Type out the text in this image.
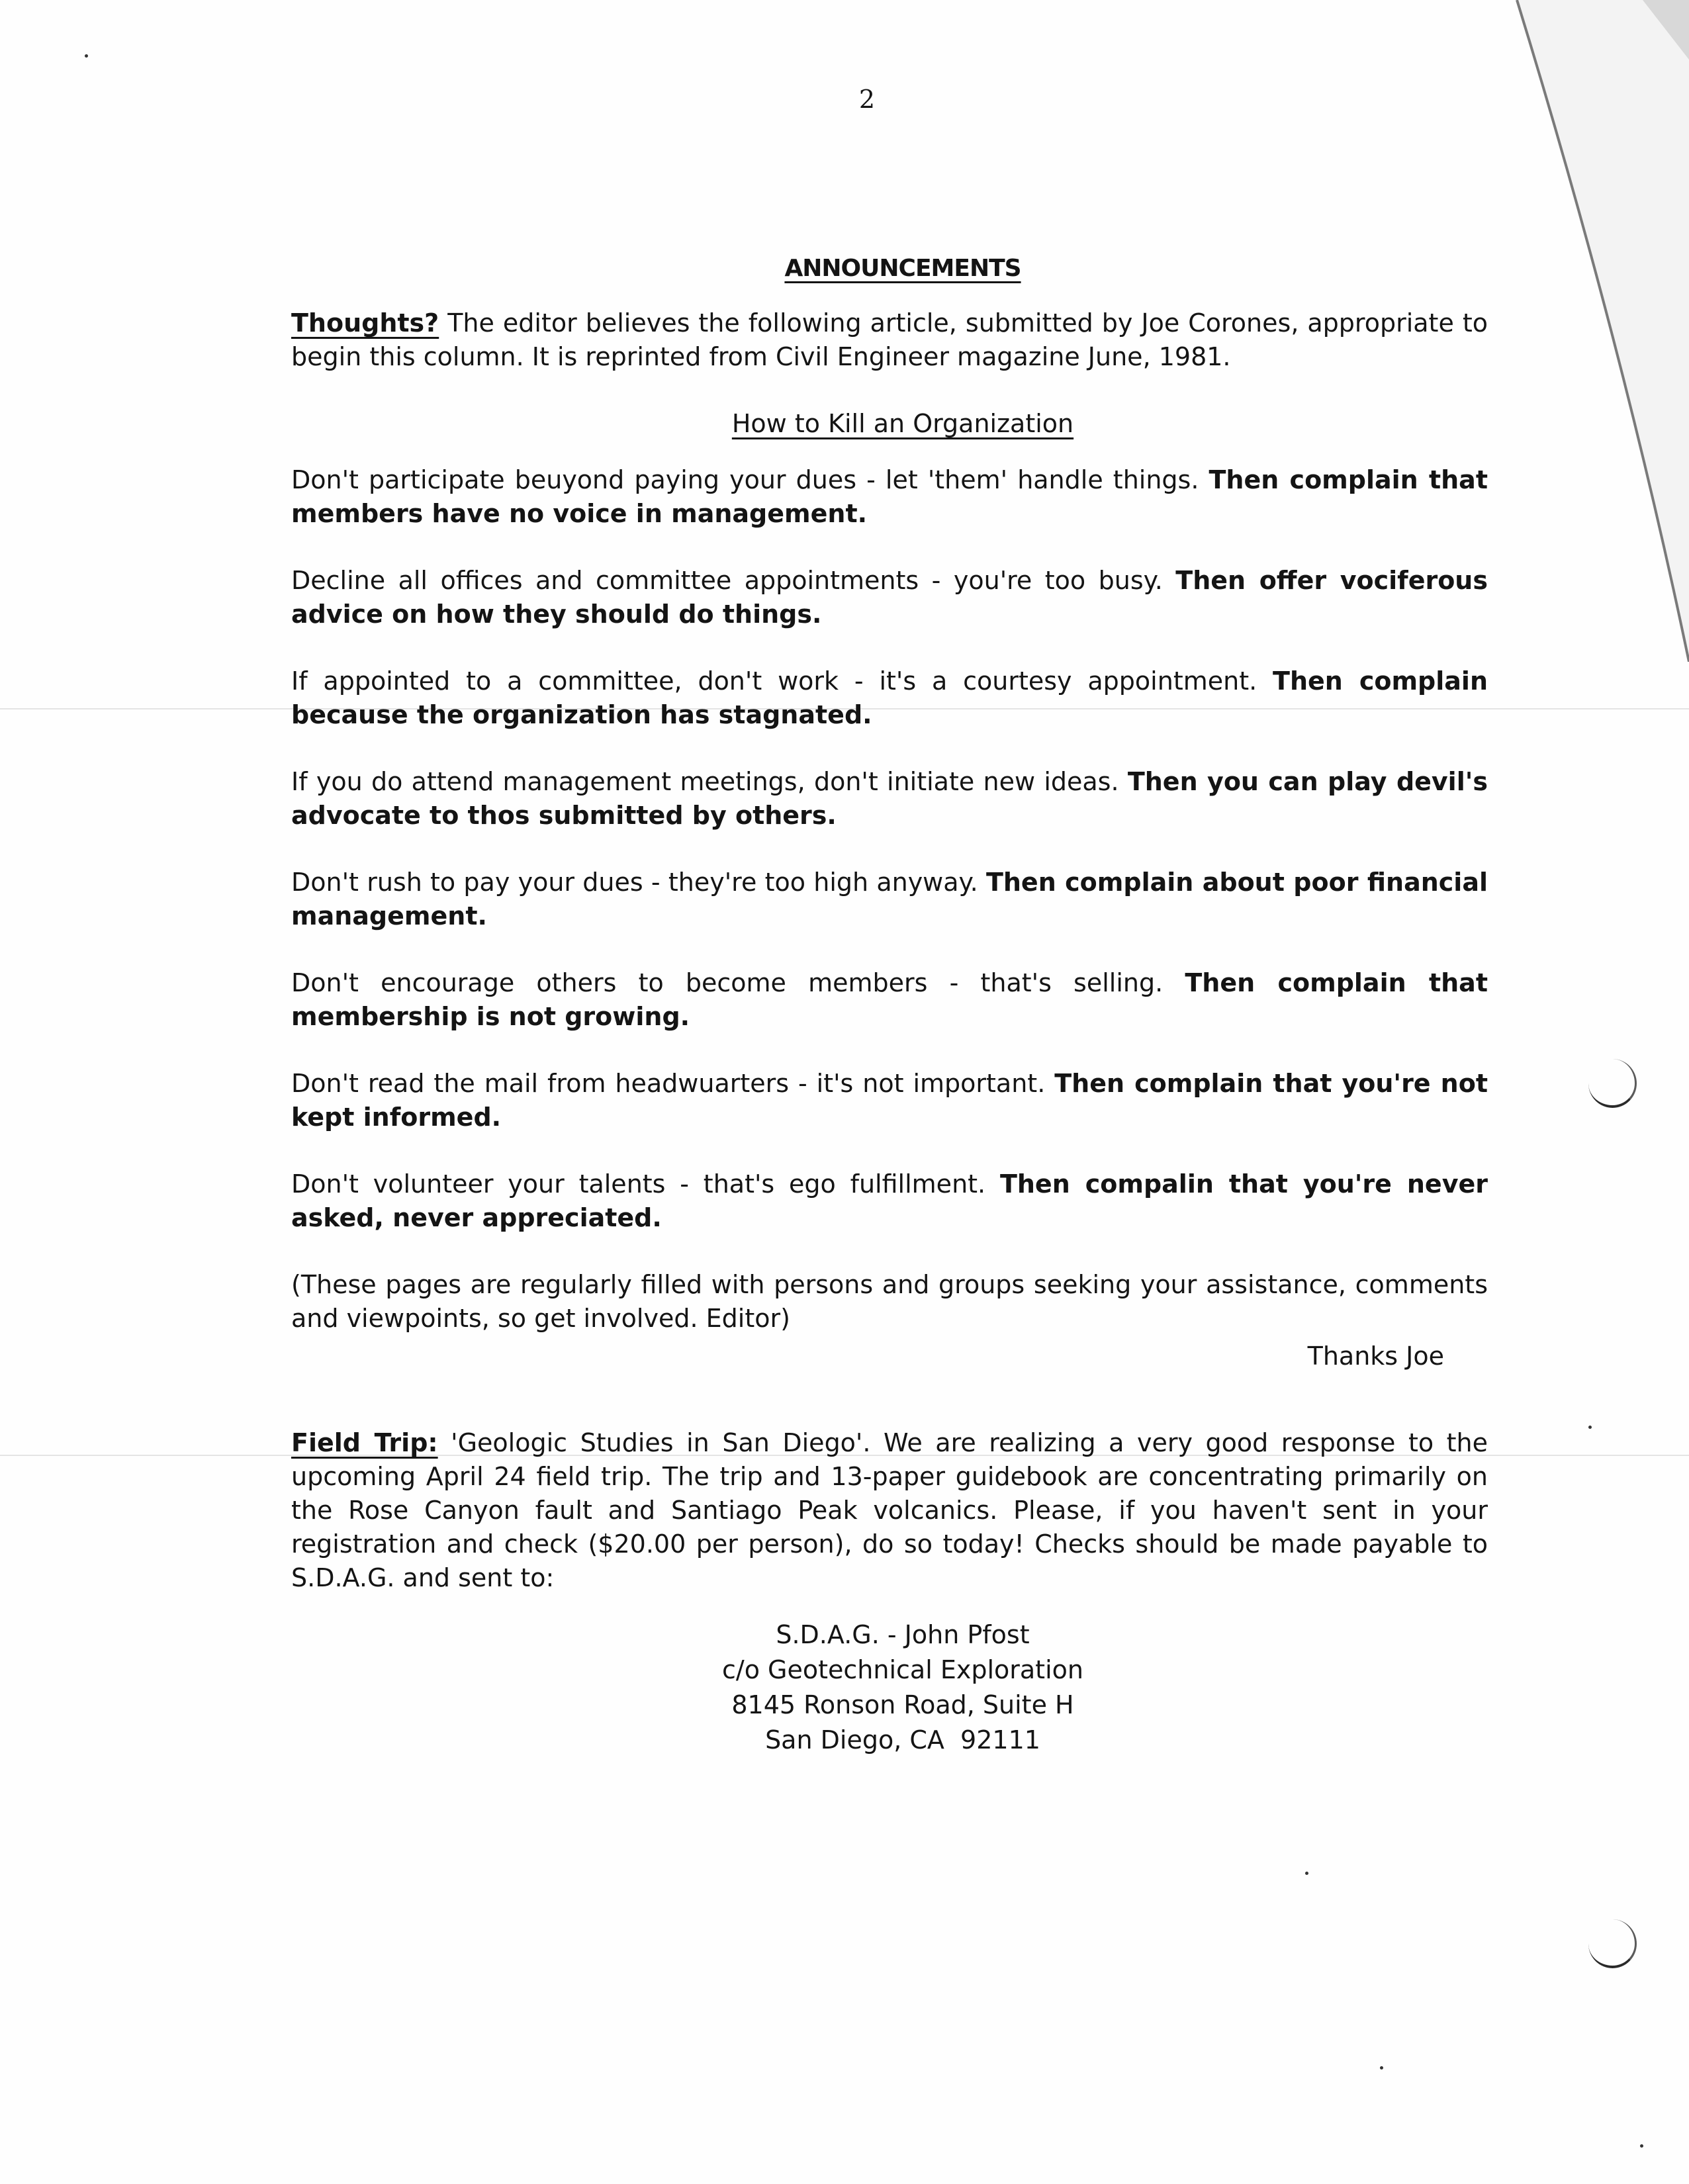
2
ANNOUNCEMENTS
Thoughts? The editor believes the following article, submitted by Joe Corones, appropriate to begin this column. It is reprinted from Civil Engineer magazine June, 1981.
How to Kill an Organization
Don't participate beuyond paying your dues - let 'them' handle things. Then complain that members have no voice in management.
Decline all offices and committee appointments - you're too busy. Then offer vociferous advice on how they should do things.
If appointed to a committee, don't work - it's a courtesy appointment. Then complain because the organization has stagnated.
If you do attend management meetings, don't initiate new ideas. Then you can play devil's advocate to thos submitted by others.
Don't rush to pay your dues - they're too high anyway. Then complain about poor financial management.
Don't encourage others to become members - that's selling. Then complain that membership is not growing.
Don't read the mail from headwuarters - it's not important. Then complain that you're not kept informed.
Don't volunteer your talents - that's ego fulfillment. Then compalin that you're never asked, never appreciated.
(These pages are regularly filled with persons and groups seeking your assistance, comments and viewpoints, so get involved. Editor)
Thanks Joe
Field Trip: 'Geologic Studies in San Diego'. We are realizing a very good response to the upcoming April 24 field trip. The trip and 13-paper guidebook are concentrating primarily on the Rose Canyon fault and Santiago Peak volcanics. Please, if you haven't sent in your registration and check ($20.00 per person), do so today! Checks should be made payable to S.D.A.G. and sent to:
S.D.A.G. - John Pfost
c/o Geotechnical Exploration
8145 Ronson Road, Suite H
San Diego, CA  92111
